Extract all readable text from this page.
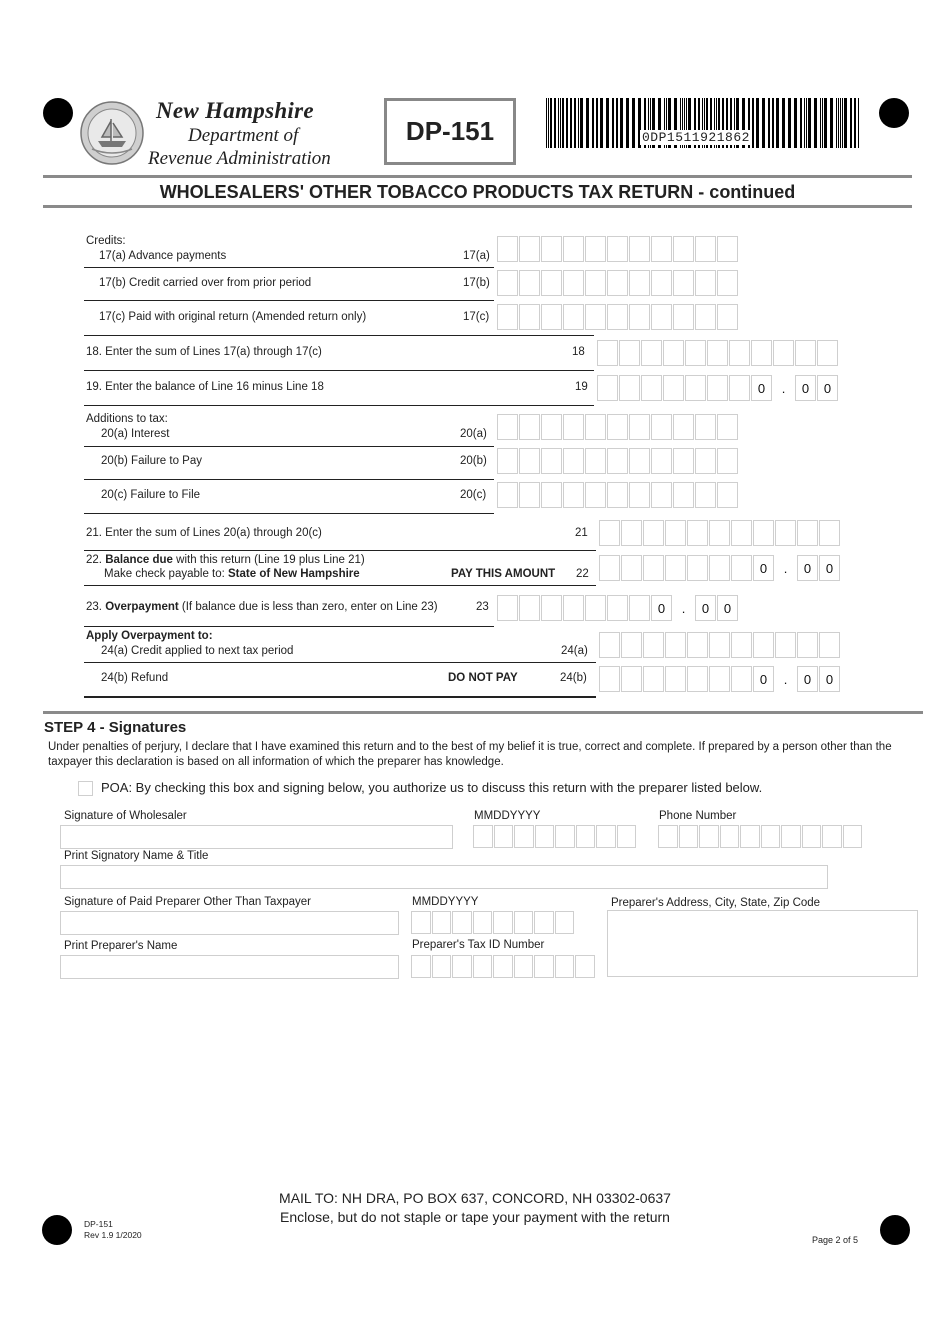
New Hampshire
Department of
Revenue Administration
DP-151	0DP1511921862
WHOLESALERS' OTHER TOBACCO PRODUCTS TAX RETURN - continued
Credits:
17(a) Advance payments	17(a)
17(b) Credit carried over from prior period	17(b)
17(c) Paid with original return (Amended return only)	17(c)
18. Enter the sum of Lines 17(a) through 17(c)	18
19. Enter the balance of Line 16 minus Line 18	19	0	.	0	0
Additions to tax:
20(a) Interest	20(a)
20(b) Failure to Pay	20(b)
20(c) Failure to File	20(c)
21. Enter the sum of Lines 20(a) through 20(c)	21
22. Balance due with this return (Line 19 plus Line 21)
Make check payable to: State of New Hampshire	PAY THIS AMOUNT 22	0	.	0	0
23. Overpayment (If balance due is less than zero, enter on Line 23)	23	0	.	0	0
Apply Overpayment to:
24(a) Credit applied to next tax period	24(a)
24(b) Refund	DO NOT PAY	24(b)	0	.	0	0
STEP 4 - Signatures
Under penalties of perjury, I declare that I have examined this return and to the best of my belief it is true, correct and complete. If prepared by a person other than the taxpayer this declaration is based on all information of which the preparer has knowledge.
POA: By checking this box and signing below, you authorize us to discuss this return with the preparer listed below.
Signature of Wholesaler	MMDDYYYY	Phone Number
Print Signatory Name & Title
Signature of Paid Preparer Other Than Taxpayer	MMDDYYYY	Preparer's Address, City, State, Zip Code
Print Preparer's Name	Preparer's Tax ID Number
MAIL TO: NH DRA, PO BOX 637, CONCORD, NH 03302-0637
Enclose, but do not staple or tape your payment with the return
DP-151
Rev 1.9 1/2020	Page 2 of 5
